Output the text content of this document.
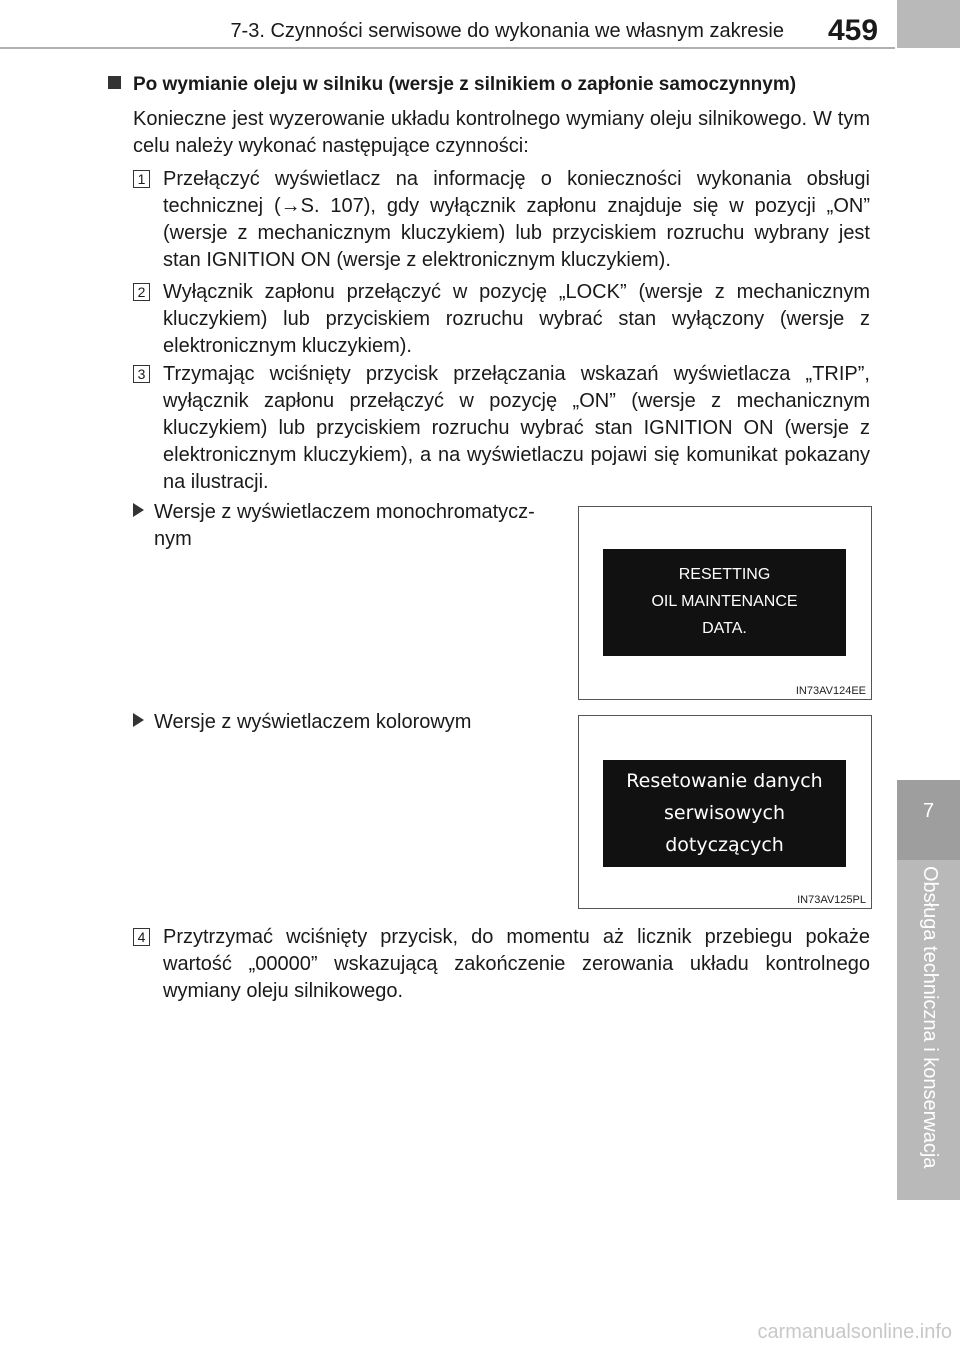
7-3. Czynności serwisowe do wykonania we własnym zakresie 459
7
Obsługa techniczna i konserwacja
Po wymianie oleju w silniku (wersje z silnikiem o zapłonie samoczynnym)
Konieczne jest wyzerowanie układu kontrolnego wymiany oleju silnikowego. W tym celu należy wykonać następujące czynności:
1 Przełączyć wyświetlacz na informację o konieczności wykonania obsługi technicznej (→S. 107), gdy wyłącznik zapłonu znajduje się w pozycji „ON” (wersje z mechanicznym kluczykiem) lub przyciskiem rozruchu wybrany jest stan IGNITION ON (wersje z elektronicznym kluczykiem).
2 Wyłącznik zapłonu przełączyć w pozycję „LOCK” (wersje z mechanicznym kluczykiem) lub przyciskiem rozruchu wybrać stan wyłączony (wersje z elektronicznym kluczykiem).
3 Trzymając wciśnięty przycisk przełączania wskazań wyświetlacza „TRIP”, wyłącznik zapłonu przełączyć w pozycję „ON” (wersje z mechanicznym kluczykiem) lub przyciskiem rozruchu wybrać stan IGNITION ON (wersje z elektronicznym kluczykiem), a na wyświetlaczu pojawi się komunikat pokazany na ilustracji.
Wersje z wyświetlaczem monochromatycz-
nym
RESETTING
OIL MAINTENANCE
DATA.
IN73AV124EE
Wersje z wyświetlaczem kolorowym
Resetowanie danych
serwisowych dotyczących
oleju.
IN73AV125PL
4 Przytrzymać wciśnięty przycisk, do momentu aż licznik przebiegu pokaże wartość „00000” wskazującą zakończenie zerowania układu kontrolnego wymiany oleju silnikowego.
carmanualsonline.info
